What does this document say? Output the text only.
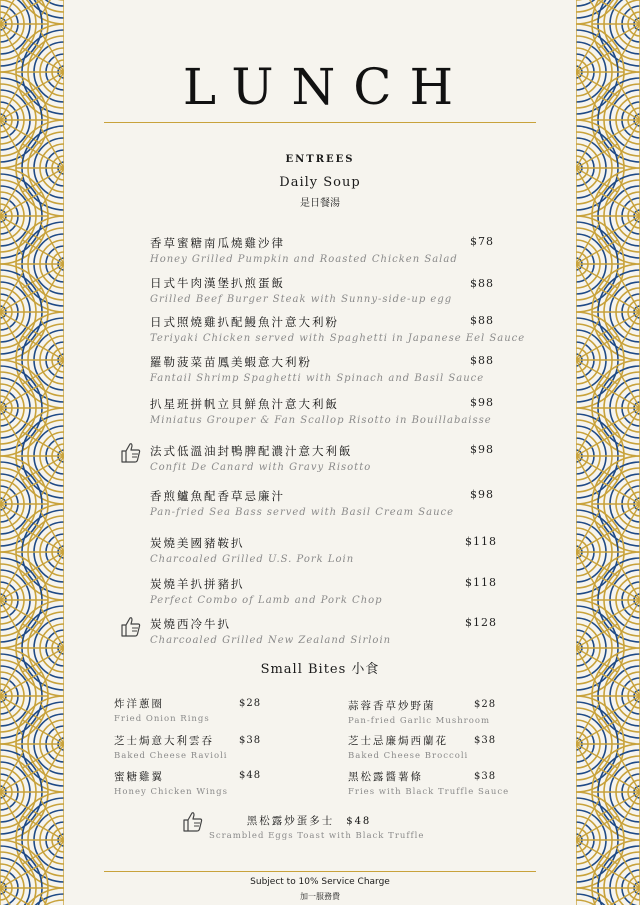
LUNCH
ENTREES
Daily Soup
是日餐湯
香草蜜糖南瓜燒雞沙律
Honey Grilled Pumpkin and Roasted Chicken Salad
$78
日式牛肉漢堡扒煎蛋飯
Grilled Beef Burger Steak with Sunny-side-up egg
$88
日式照燒雞扒配鰻魚汁意大利粉
Teriyaki Chicken served with Spaghetti in Japanese Eel Sauce
$88
羅勒菠菜苗鳳美蝦意大利粉
Fantail Shrimp Spaghetti with Spinach and Basil Sauce
$88
扒星班拼帆立貝鮮魚汁意大利飯
Miniatus Grouper & Fan Scallop Risotto in Bouillabaisse
$98
法式低溫油封鴨脾配濃汁意大利飯
Confit De Canard with Gravy Risotto
$98
香煎鱸魚配香草忌廉汁
Pan-fried Sea Bass served with Basil Cream Sauce
$98
炭燒美國豬鞍扒
Charcoaled Grilled U.S. Pork Loin
$118
炭燒羊扒拼豬扒
Perfect Combo of Lamb and Pork Chop
$118
炭燒西冷牛扒
Charcoaled Grilled New Zealand Sirloin
$128
Small Bites 小食
炸洋蔥圈
Fried Onion Rings
$28
芝士焗意大利雲吞
Baked Cheese Ravioli
$38
蜜糖雞翼
Honey Chicken Wings
$48
蒜蓉香草炒野菌
Pan-fried Garlic Mushroom
$28
芝士忌廉焗西蘭花
Baked Cheese Broccoli
$38
黑松露醬薯條
Fries with Black Truffle Sauce
$38
黑松露炒蛋多士 $48
Scrambled Eggs Toast with Black Truffle
Subject to 10% Service Charge
加一服務費
